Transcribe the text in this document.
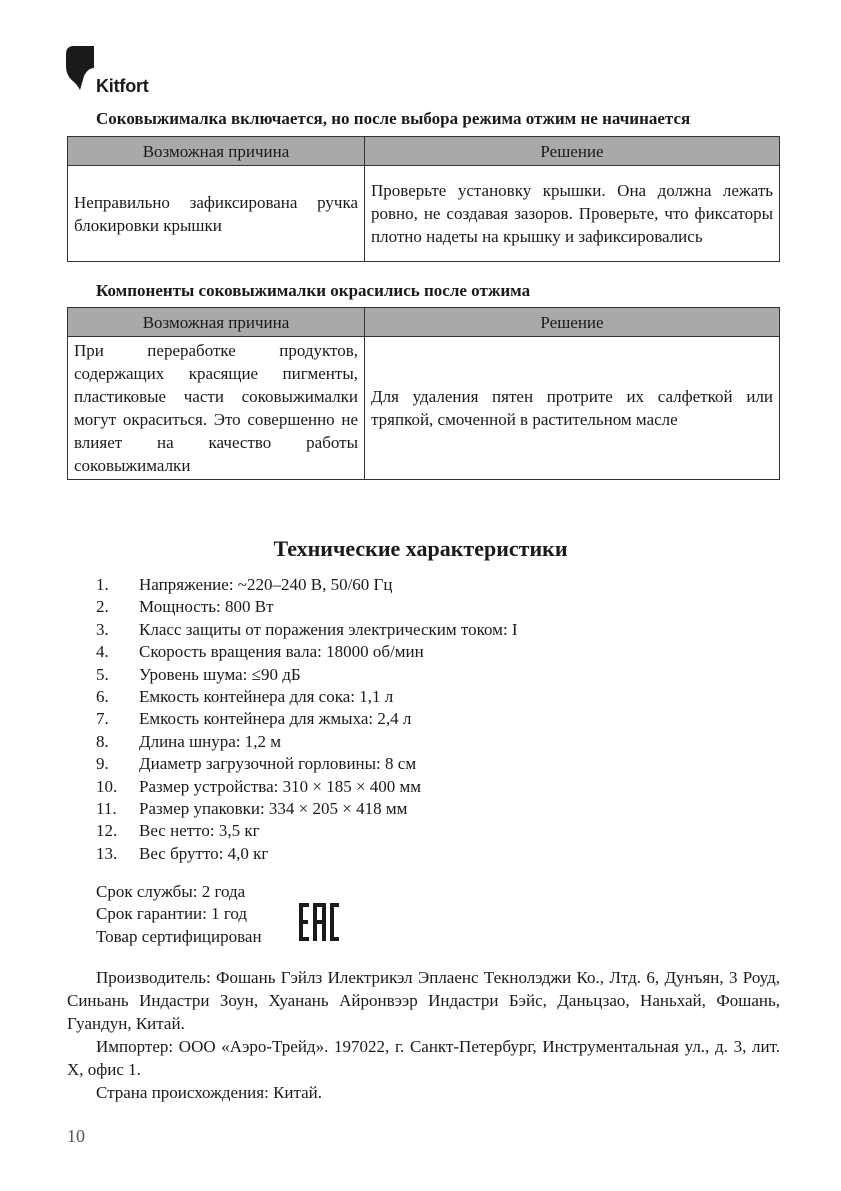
Kitfort
Соковыжималка включается, но после выбора режима отжим не начинается
Возможная причина	Решение
Неправильно зафиксирована ручка блокировки крышки	Проверьте установку крышки. Она должна лежать ровно, не создавая зазоров. Проверьте, что фиксаторы плотно надеты на крышку и зафиксировались
Компоненты соковыжималки окрасились после отжима
Возможная причина	Решение
При переработке продуктов, содержащих красящие пигменты, пластиковые части соковыжималки могут окраситься. Это совершенно не влияет на качество работы соковыжималки	Для удаления пятен протрите их салфеткой или тряпкой, смоченной в растительном масле
Технические характеристики
1. Напряжение: ~220–240 В, 50/60 Гц
2. Мощность: 800 Вт
3. Класс защиты от поражения электрическим током: I
4. Скорость вращения вала: 18000 об/мин
5. Уровень шума: ≤90 дБ
6. Емкость контейнера для сока: 1,1 л
7. Емкость контейнера для жмыха: 2,4 л
8. Длина шнура: 1,2 м
9. Диаметр загрузочной горловины: 8 см
10. Размер устройства: 310 × 185 × 400 мм
11. Размер упаковки: 334 × 205 × 418 мм
12. Вес нетто: 3,5 кг
13. Вес брутто: 4,0 кг
Срок службы: 2 года
Срок гарантии: 1 год
Товар сертифицирован

Производитель: Фошань Гэйлз Илектрикэл Эплаенс Текнолэджи Ко., Лтд. 6, Дунъян, 3 Роуд, Синьань Индастри Зоун, Хуанань Айронвээр Индастри Бэйс, Даньцзао, Наньхай, Фошань, Гуандун, Китай.

Импортер: ООО «Аэро-Трейд». 197022, г. Санкт-Петербург, Инструментальная ул., д. 3, лит. Х, офис 1.

Страна происхождения: Китай.

10
